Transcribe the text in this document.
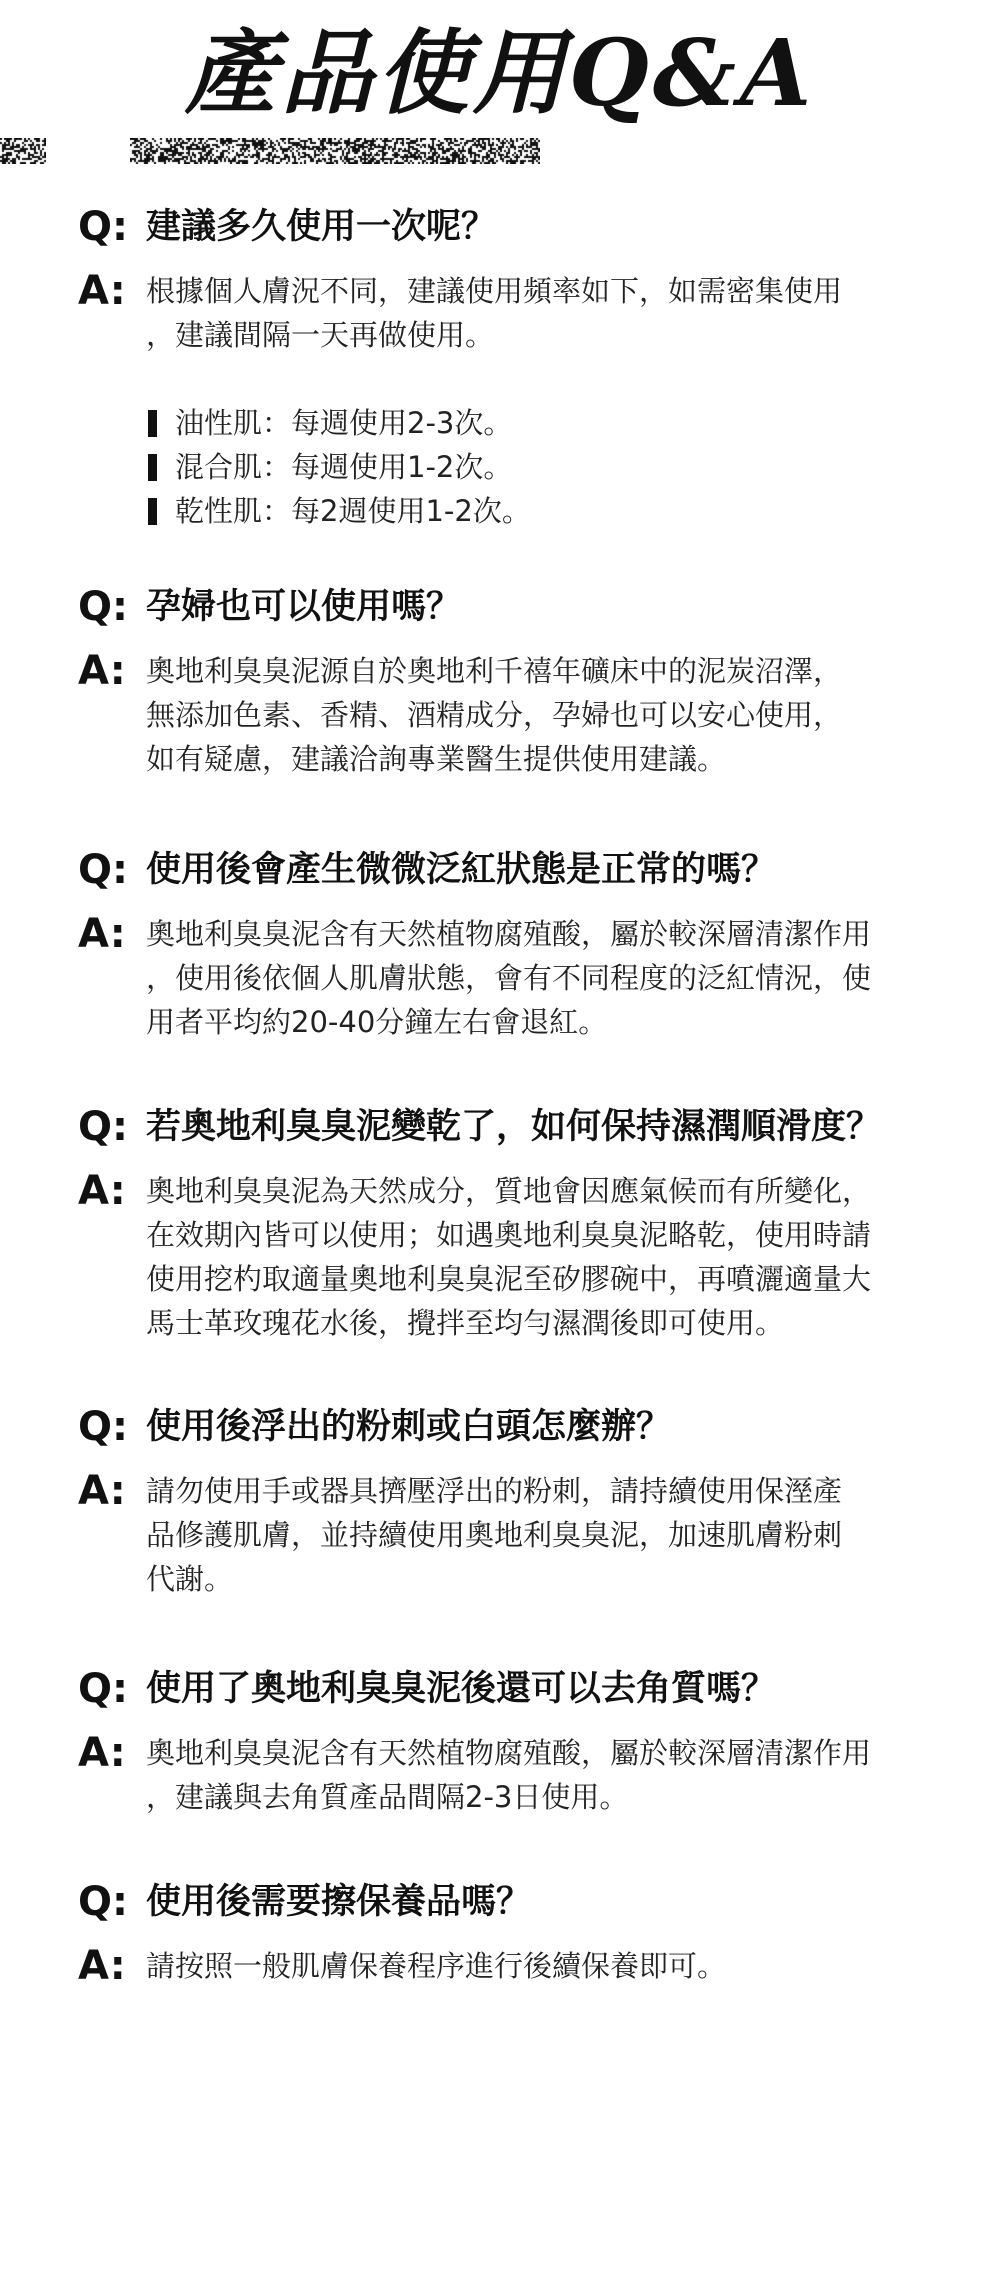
產品使用Q&A
Q: 建議多久使用一次呢？
A: 根據個人膚況不同，建議使用頻率如下，如需密集使用

，建議間隔一天再做使用。

油性肌：每週使用2-3次。
混合肌：每週使用1-2次。
乾性肌：每2週使用1-2次。
Q: 孕婦也可以使用嗎？
A: 奧地利臭臭泥源自於奧地利千禧年礦床中的泥炭沼澤，

無添加色素、香精、酒精成分，孕婦也可以安心使用，

如有疑慮，建議洽詢專業醫生提供使用建議。

Q: 使用後會產生微微泛紅狀態是正常的嗎？
A: 奧地利臭臭泥含有天然植物腐殖酸，屬於較深層清潔作用

，使用後依個人肌膚狀態，會有不同程度的泛紅情況，使

用者平均約20-40分鐘左右會退紅。

Q: 若奧地利臭臭泥變乾了，如何保持濕潤順滑度？
A: 奧地利臭臭泥為天然成分，質地會因應氣候而有所變化，

在效期內皆可以使用；如遇奧地利臭臭泥略乾，使用時請

使用挖杓取適量奧地利臭臭泥至矽膠碗中，再噴灑適量大

馬士革玫瑰花水後，攪拌至均勻濕潤後即可使用。

Q: 使用後浮出的粉刺或白頭怎麼辦？
A: 請勿使用手或器具擠壓浮出的粉刺，請持續使用保溼產

品修護肌膚，並持續使用奧地利臭臭泥，加速肌膚粉刺

代謝。

Q: 使用了奧地利臭臭泥後還可以去角質嗎？
A: 奧地利臭臭泥含有天然植物腐殖酸，屬於較深層清潔作用

，建議與去角質產品間隔2-3日使用。

Q: 使用後需要擦保養品嗎？
A: 請按照一般肌膚保養程序進行後續保養即可。
